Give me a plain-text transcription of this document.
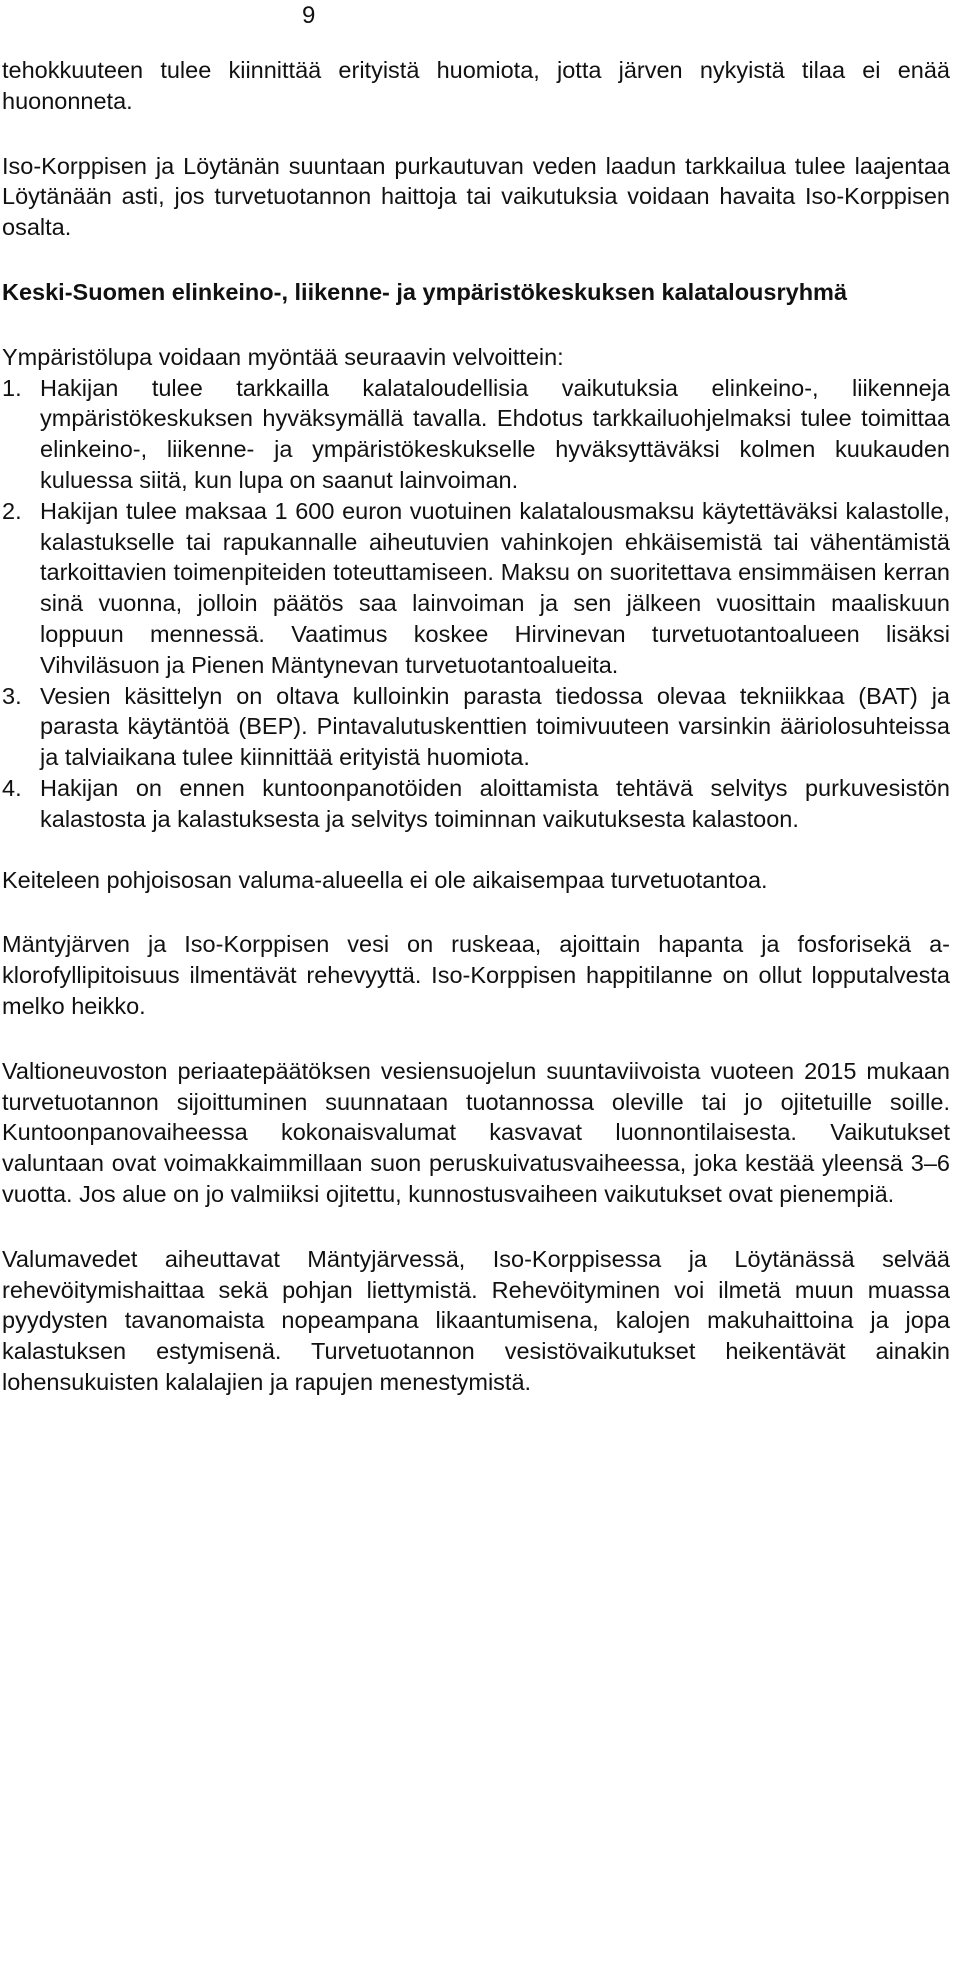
9

tehokkuuteen tulee kiinnittää erityistä huomiota, jotta järven nykyistä tilaa ei enää huononneta.

Iso-Korppisen ja Löytänän suuntaan purkautuvan veden laadun tarkkailua tulee laajentaa Löytänään asti, jos turvetuotannon haittoja tai vaikutuksia voidaan havaita Iso-Korppisen osalta.

Keski-Suomen elinkeino-, liikenne- ja ympäristökeskuksen kalatalousryhmä

Ympäristölupa voidaan myöntää seuraavin velvoittein:

1. Hakijan tulee tarkkailla kalataloudellisia vaikutuksia elinkeino-, liikenneja ympäristökeskuksen hyväksymällä tavalla. Ehdotus tarkkailuohjelmaksi tulee toimittaa elinkeino-, liikenne- ja ympäristökeskukselle hyväksyttäväksi kolmen kuukauden kuluessa siitä, kun lupa on saanut lainvoiman.
2. Hakijan tulee maksaa 1 600 euron vuotuinen kalatalousmaksu käytettäväksi kalastolle, kalastukselle tai rapukannalle aiheutuvien vahinkojen ehkäisemistä tai vähentämistä tarkoittavien toimenpiteiden toteuttamiseen. Maksu on suoritettava ensimmäisen kerran sinä vuonna, jolloin päätös saa lainvoiman ja sen jälkeen vuosittain maaliskuun loppuun mennessä. Vaatimus koskee Hirvinevan turvetuotantoalueen lisäksi Vihviläsuon ja Pienen Mäntynevan turvetuotantoalueita.
3. Vesien käsittelyn on oltava kulloinkin parasta tiedossa olevaa tekniikkaa (BAT) ja parasta käytäntöä (BEP). Pintavalutuskenttien toimivuuteen varsinkin ääriolosuhteissa ja talviaikana tulee kiinnittää erityistä huomiota.
4. Hakijan on ennen kuntoonpanotöiden aloittamista tehtävä selvitys purkuvesistön kalastosta ja kalastuksesta ja selvitys toiminnan vaikutuksesta kalastoon.

Keiteleen pohjoisosan valuma-alueella ei ole aikaisempaa turvetuotantoa.

Mäntyjärven ja Iso-Korppisen vesi on ruskeaa, ajoittain hapanta ja fosforisekä a-klorofyllipitoisuus ilmentävät rehevyyttä. Iso-Korppisen happitilanne on ollut lopputalvesta melko heikko.

Valtioneuvoston periaatepäätöksen vesiensuojelun suuntaviivoista vuoteen 2015 mukaan turvetuotannon sijoittuminen suunnataan tuotannossa oleville tai jo ojitetuille soille. Kuntoonpanovaiheessa kokonaisvalumat kasvavat luonnontilaisesta. Vaikutukset valuntaan ovat voimakkaimmillaan suon peruskuivatusvaiheessa, joka kestää yleensä 3–6 vuotta. Jos alue on jo valmiiksi ojitettu, kunnostusvaiheen vaikutukset ovat pienempiä.

Valumavedet aiheuttavat Mäntyjärvessä, Iso-Korppisessa ja Löytänässä selvää rehevöitymishaittaa sekä pohjan liettymistä. Rehevöityminen voi ilmetä muun muassa pyydysten tavanomaista nopeampana likaantumisena, kalojen makuhaittoina ja jopa kalastuksen estymisenä. Turvetuotannon vesistövaikutukset heikentävät ainakin lohensukuisten kalalajien ja rapujen menestymistä.
